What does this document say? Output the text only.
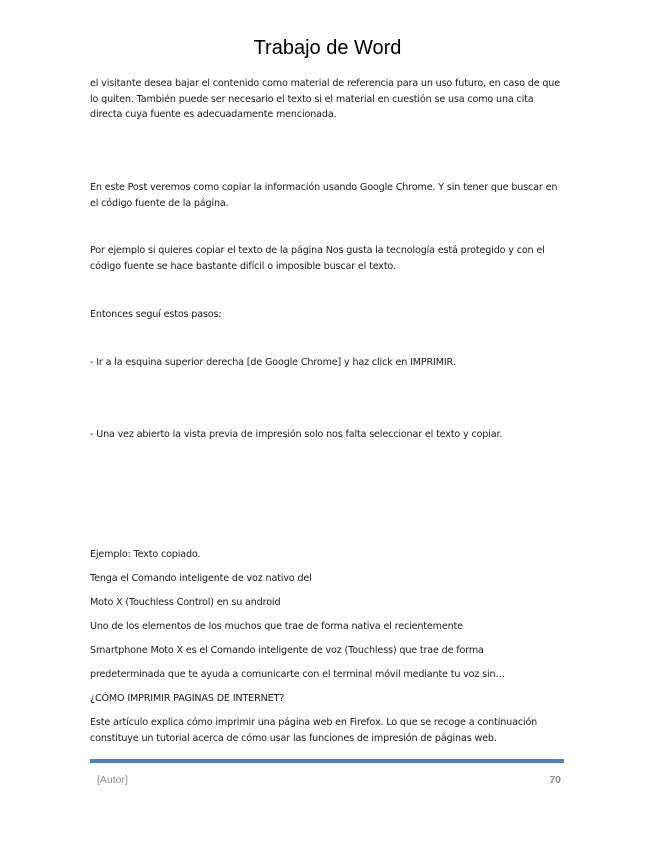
Trabajo de Word
el visitante desea bajar el contenido como material de referencia para un uso futuro, en caso de que lo quiten. También puede ser necesario el texto si el material en cuestión se usa como una cita directa cuya fuente es adecuadamente mencionada.
En este Post veremos como copiar la información usando Google Chrome. Y sin tener que buscar en el código fuente de la página.
Por ejemplo si quieres copiar el texto de la página Nos gusta la tecnología está protegido y con el código fuente se hace bastante difícil o imposible buscar el texto.
Entonces seguí estos pasos:
- Ir a la esquina superior derecha [de Google Chrome] y haz click en IMPRIMIR.
- Una vez abierto la vista previa de impresión solo nos falta seleccionar el texto y copiar.
Ejemplo: Texto copiado.
Tenga el Comando inteligente de voz nativo del
Moto X (Touchless Control) en su android
Uno de los elementos de los muchos que trae de forma nativa el recientemente
Smartphone Moto X es el Comando inteligente de voz (Touchless) que trae de forma
predeterminada que te ayuda a comunicarte con el terminal móvil mediante tu voz sin…
¿CÓMO IMPRIMIR PAGINAS DE INTERNET?
Este artículo explica cómo imprimir una página web en Firefox. Lo que se recoge a continuación constituye un tutorial acerca de cómo usar las funciones de impresión de páginas web.
[Autor]	70
